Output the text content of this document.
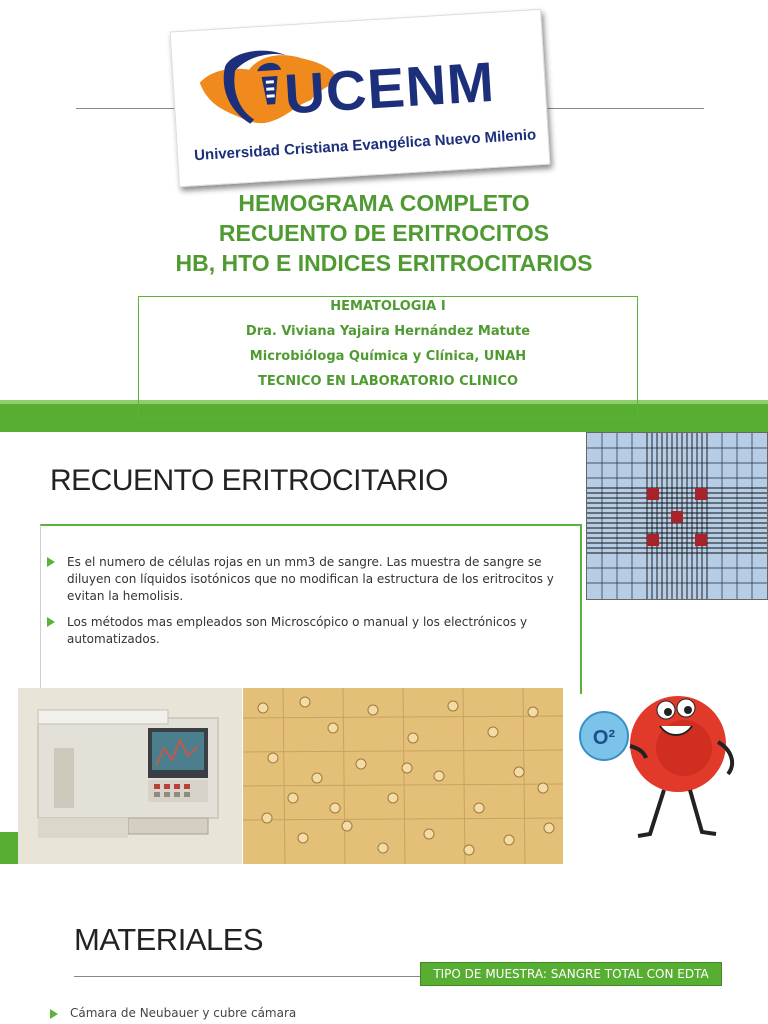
UCENM
Universidad Cristiana Evangélica Nuevo Milenio
HEMOGRAMA COMPLETO
RECUENTO DE ERITROCITOS
HB, HTO E INDICES ERITROCITARIOS
HEMATOLOGIA I
Dra. Viviana Yajaira Hernández Matute
Microbióloga Química y Clínica, UNAH
TECNICO EN LABORATORIO CLINICO
RECUENTO ERITROCITARIO
Es el numero de células rojas en un mm3 de sangre. Las muestra de sangre se diluyen con líquidos isotónicos que no modifican la estructura de los eritrocitos y evitan la hemolisis.
Los métodos mas empleados son Microscópico o manual y los electrónicos y automatizados.
O²
MATERIALES
TIPO DE MUESTRA: SANGRE TOTAL CON EDTA
Cámara de Neubauer y cubre cámara
